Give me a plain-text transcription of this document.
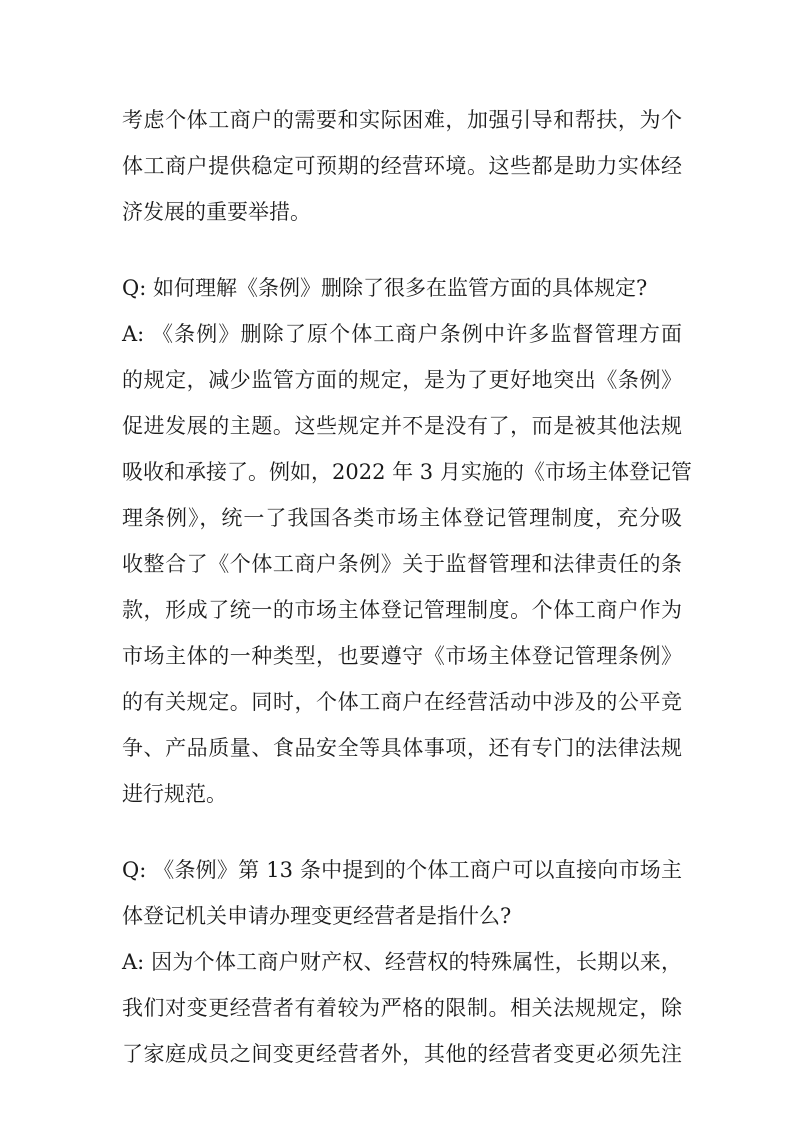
考虑个体工商户的需要和实际困难，加强引导和帮扶，为个
体工商户提供稳定可预期的经营环境。这些都是助力实体经
济发展的重要举措。
Q: 如何理解《条例》删除了很多在监管方面的具体规定?
A: 《条例》删除了原个体工商户条例中许多监督管理方面
的规定，减少监管方面的规定，是为了更好地突出《条例》
促进发展的主题。这些规定并不是没有了，而是被其他法规
吸收和承接了。例如，2022 年 3 月实施的《市场主体登记管
理条例》，统一了我国各类市场主体登记管理制度，充分吸
收整合了《个体工商户条例》关于监督管理和法律责任的条
款，形成了统一的市场主体登记管理制度。个体工商户作为
市场主体的一种类型，也要遵守《市场主体登记管理条例》
的有关规定。同时，个体工商户在经营活动中涉及的公平竞
争、产品质量、食品安全等具体事项，还有专门的法律法规
进行规范。
Q: 《条例》第 13 条中提到的个体工商户可以直接向市场主
体登记机关申请办理变更经营者是指什么?
A: 因为个体工商户财产权、经营权的特殊属性，长期以来，
我们对变更经营者有着较为严格的限制。相关法规规定，除
了家庭成员之间变更经营者外，其他的经营者变更必须先注
